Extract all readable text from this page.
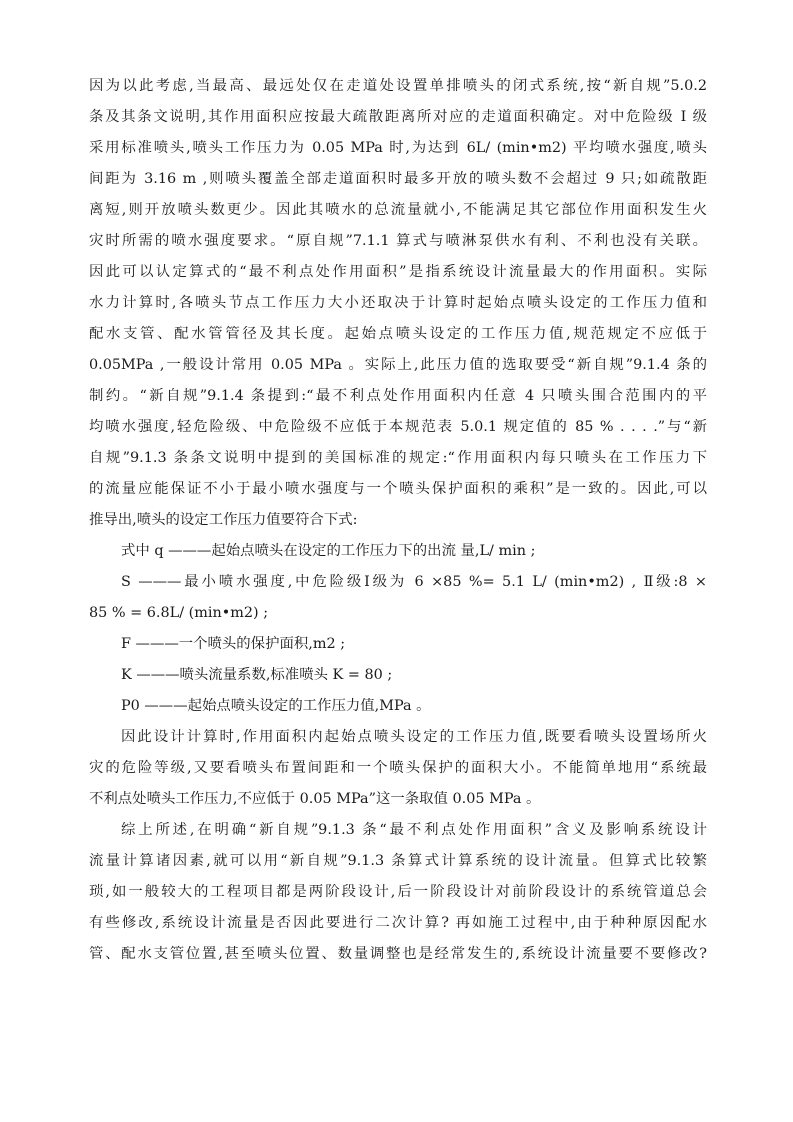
因为以此考虑,当最高、最远处仅在走道处设置单排喷头的闭式系统,按“新自规”5.0.2
条及其条文说明,其作用面积应按最大疏散距离所对应的走道面积确定。对中危险级 I 级
采用标准喷头,喷头工作压力为 0.05 MPa 时,为达到 6L/ (min•m2) 平均喷水强度,喷头
间距为 3.16 m ,则喷头覆盖全部走道面积时最多开放的喷头数不会超过 9 只;如疏散距
离短,则开放喷头数更少。因此其喷水的总流量就小,不能满足其它部位作用面积发生火
灾时所需的喷水强度要求。“原自规”7.1.1 算式与喷淋泵供水有利、不利也没有关联。
因此可以认定算式的“最不利点处作用面积”是指系统设计流量最大的作用面积。实际
水力计算时,各喷头节点工作压力大小还取决于计算时起始点喷头设定的工作压力值和
配水支管、配水管管径及其长度。起始点喷头设定的工作压力值,规范规定不应低于
0.05MPa ,一般设计常用 0.05 MPa 。实际上,此压力值的选取要受“新自规”9.1.4 条的
制约。“新自规”9.1.4 条提到:“最不利点处作用面积内任意 4 只喷头围合范围内的平
均喷水强度,轻危险级、中危险级不应低于本规范表 5.0.1 规定值的 85 % . . . .”与“新
自规”9.1.3 条条文说明中提到的美国标准的规定:“作用面积内每只喷头在工作压力下
的流量应能保证不小于最小喷水强度与一个喷头保护面积的乘积”是一致的。因此,可以
推导出,喷头的设定工作压力值要符合下式:
式中 q ———起始点喷头在设定的工作压力下的出流 量,L/ min ;
S ———最小喷水强度,中危险级Ⅰ级为 6 ×85 %= 5.1 L/ (min•m2) , Ⅱ级:8 ×
85 % = 6.8L/ (min•m2) ;
F ———一个喷头的保护面积,m2 ;
K ———喷头流量系数,标准喷头 K = 80 ;
P0 ———起始点喷头设定的工作压力值,MPa 。
因此设计计算时,作用面积内起始点喷头设定的工作压力值,既要看喷头设置场所火
灾的危险等级,又要看喷头布置间距和一个喷头保护的面积大小。不能简单地用“系统最
不利点处喷头工作压力,不应低于 0.05 MPa”这一条取值 0.05 MPa 。
综上所述,在明确“新自规”9.1.3 条“最不利点处作用面积”含义及影响系统设计
流量计算诸因素,就可以用“新自规”9.1.3 条算式计算系统的设计流量。但算式比较繁
琐,如一般较大的工程项目都是两阶段设计,后一阶段设计对前阶段设计的系统管道总会
有些修改,系统设计流量是否因此要进行二次计算? 再如施工过程中,由于种种原因配水
管、配水支管位置,甚至喷头位置、数量调整也是经常发生的,系统设计流量要不要修改?
